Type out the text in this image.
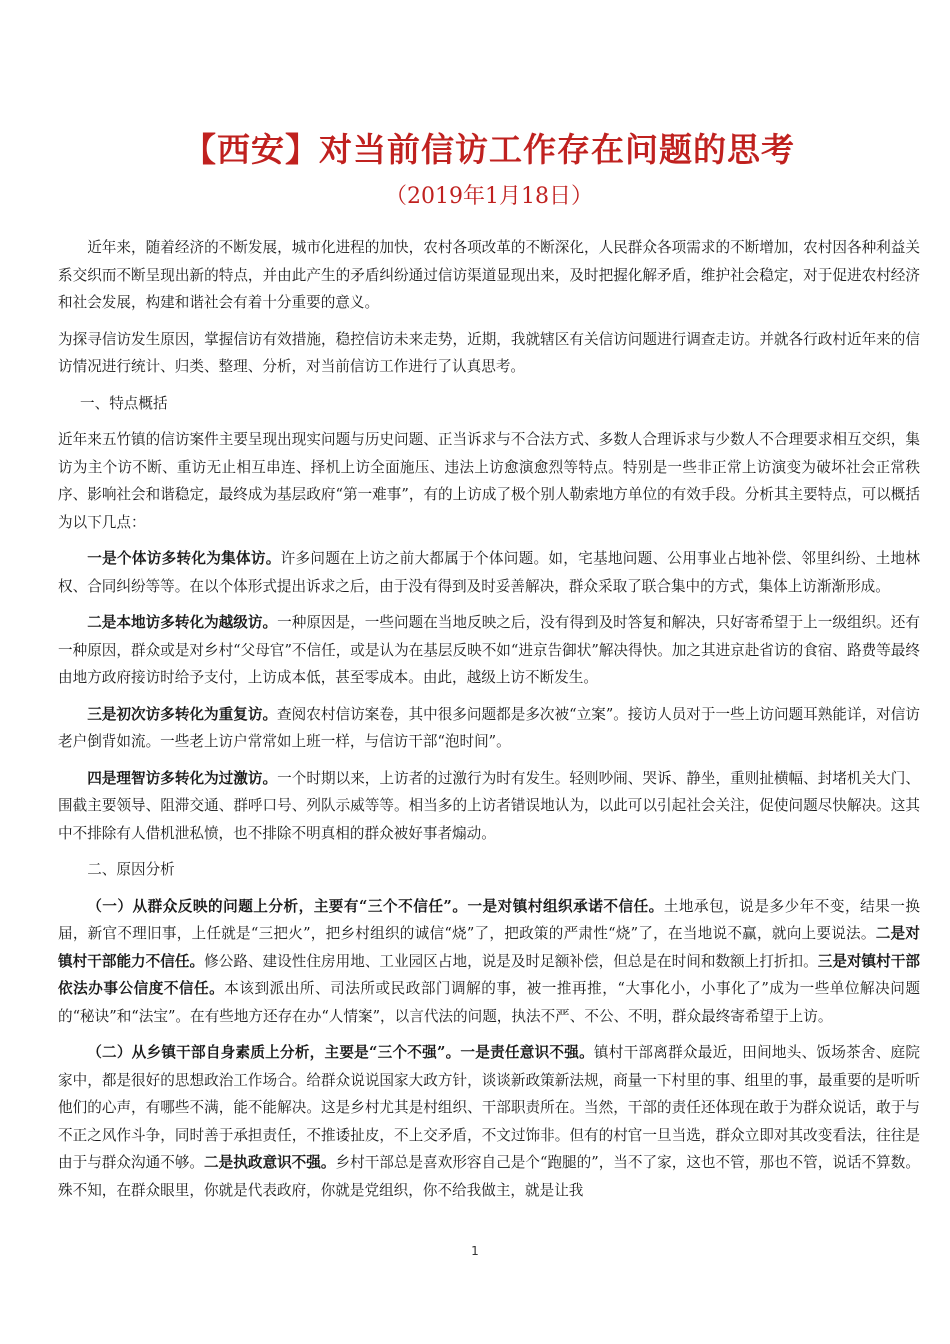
【西安】对当前信访工作存在问题的思考
（2019年1月18日）

近年来，随着经济的不断发展，城市化进程的加快，农村各项改革的不断深化，人民群众各项需求的不断增加，农村因各种利益关系交织而不断呈现出新的特点，并由此产生的矛盾纠纷通过信访渠道显现出来，及时把握化解矛盾，维护社会稳定，对于促进农村经济和社会发展，构建和谐社会有着十分重要的意义。

为探寻信访发生原因，掌握信访有效措施，稳控信访未来走势，近期，我就辖区有关信访问题进行调查走访。并就各行政村近年来的信访情况进行统计、归类、整理、分析，对当前信访工作进行了认真思考。

一、特点概括

近年来五竹镇的信访案件主要呈现出现实问题与历史问题、正当诉求与不合法方式、多数人合理诉求与少数人不合理要求相互交织，集访为主个访不断、重访无止相互串连、择机上访全面施压、违法上访愈演愈烈等特点。特别是一些非正常上访演变为破坏社会正常秩序、影响社会和谐稳定，最终成为基层政府“第一难事”，有的上访成了极个别人勒索地方单位的有效手段。分析其主要特点，可以概括为以下几点：

一是个体访多转化为集体访。许多问题在上访之前大都属于个体问题。如，宅基地问题、公用事业占地补偿、邻里纠纷、土地林权、合同纠纷等等。在以个体形式提出诉求之后，由于没有得到及时妥善解决，群众采取了联合集中的方式，集体上访渐渐形成。

二是本地访多转化为越级访。一种原因是，一些问题在当地反映之后，没有得到及时答复和解决，只好寄希望于上一级组织。还有一种原因，群众或是对乡村“父母官”不信任，或是认为在基层反映不如“进京告御状”解决得快。加之其进京赴省访的食宿、路费等最终由地方政府接访时给予支付，上访成本低，甚至零成本。由此，越级上访不断发生。

三是初次访多转化为重复访。查阅农村信访案卷，其中很多问题都是多次被“立案”。接访人员对于一些上访问题耳熟能详，对信访老户倒背如流。一些老上访户常常如上班一样，与信访干部“泡时间”。

四是理智访多转化为过激访。一个时期以来，上访者的过激行为时有发生。轻则吵闹、哭诉、静坐，重则扯横幅、封堵机关大门、围截主要领导、阻滞交通、群呼口号、列队示威等等。相当多的上访者错误地认为，以此可以引起社会关注，促使问题尽快解决。这其中不排除有人借机泄私愤，也不排除不明真相的群众被好事者煽动。

二、原因分析

（一）从群众反映的问题上分析，主要有“三个不信任”。一是对镇村组织承诺不信任。土地承包，说是多少年不变，结果一换届，新官不理旧事，上任就是“三把火”，把乡村组织的诚信“烧”了，把政策的严肃性“烧”了，在当地说不赢，就向上要说法。二是对镇村干部能力不信任。修公路、建设性住房用地、工业园区占地，说是及时足额补偿，但总是在时间和数额上打折扣。三是对镇村干部依法办事公信度不信任。本该到派出所、司法所或民政部门调解的事，被一推再推，“大事化小，小事化了”成为一些单位解决问题的“秘诀”和“法宝”。在有些地方还存在办“人情案”，以言代法的问题，执法不严、不公、不明，群众最终寄希望于上访。

（二）从乡镇干部自身素质上分析，主要是“三个不强”。一是责任意识不强。镇村干部离群众最近，田间地头、饭场茶舍、庭院家中，都是很好的思想政治工作场合。给群众说说国家大政方针，谈谈新政策新法规，商量一下村里的事、组里的事，最重要的是听听他们的心声，有哪些不满，能不能解决。这是乡村尤其是村组织、干部职责所在。当然，干部的责任还体现在敢于为群众说话，敢于与不正之风作斗争，同时善于承担责任，不推诿扯皮，不上交矛盾，不文过饰非。但有的村官一旦当选，群众立即对其改变看法，往往是由于与群众沟通不够。二是执政意识不强。乡村干部总是喜欢形容自己是个“跑腿的”，当不了家，这也不管，那也不管，说话不算数。殊不知，在群众眼里，你就是代表政府，你就是党组织，你不给我做主，就是让我

1
